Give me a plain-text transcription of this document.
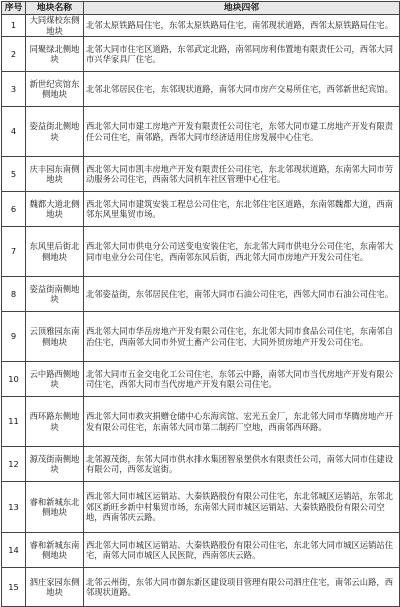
序号	地块名称	地块四邻
1	大同煤校东侧地块	北邻太原铁路局住宅，东邻太原铁路局住宅，南邻现状道路，西邻太原铁路局住宅。
2	同聚绿北侧地块	北邻大同市住宅区道路，东邻武定北路，南邻同房利伟置地有限责任公司，西邻大同市兴华家具厂住宅。
3	新世纪宾馆东侧地块	北邻北邻居民住宅，东邻现状道路，南邻大同市房产交易所住宅，西邻新世纪宾馆。
4	姿益街北侧地块	西北邻大同市建工房地产开发有限责任公司住宅，东邻大同市建工房地产开发有限责任公司住宅，南邻路，西邻大同市经济适用住房发展中心住宅。
5	庆丰园东南侧地块	西北邻大同市凯丰房地产开发有限责任公司住宅，东北邻现状道路，东南邻大同市劳动服务公司住宅，西南邻大同机车社区管理中心住宅。
6	魏都大道北侧地块	西北邻大同市建筑安装工程总公司住宅，东北邻住宅区道路，东南邻魏都大道，西南邻东风里集贸市场。
7	东风里后街北侧地块	西北邻大同市供电分公司送变电安装住宅，东北邻大同市供电分公司住宅，东南邻大同市电业分公司住宅，西南邻东风后街，西北邻大同市房地产开发公司住宅。
8	姿益街南侧地块	北邻姿益街，东邻居民住宅，南邻大同市石油公司住宅，西邻大同市石油公司住宅。
9	云顶雅园东南侧地块	西北邻大同市华岳房地产开发有限公司住宅，东北邻大同市食品公司住宅，东南邻自治住宅，西南邻大同市外贸土畜产公司住宅、大同外贸房地产开发公司住宅。
10	云中路西侧地块	北邻大同市五金交电化工公司住宅，东邻云中路，南邻大同市当代房地产开发有限公司住宅，西邻大同市当代房地产开发有限公司住宅。
11	西环路东侧地块	西北邻大同市救灾捐赠仓储中心东海宾馆、宏光五金厂，东北邻大同市华腾房地产开发有限公司住宅，东南邻大同市第二制药厂空地，西南邻西环路。
12	源茂街南侧地块	北邻源茂街，东邻大同市供水排水集团智泉堡供水有限责任公司，南邻大同市住建设有限公司，西邻友谊街。
13	睿和新城东北侧地块	西北邻大同市城区运销站、大秦铁路股份有限公司住宅，东北邻城区运销站，东邻北郊区新旺乡新中村集贸市场，东南邻大同市城区运销站、大秦铁路股份有限公司空地，西南邻庆云路。
14	睿和新城东南侧地块	西北邻大同市城区运销站、大秦铁路股份有限公司住宅，东北邻大同市城区运销站住宅，南邻大同市城区人民医院，西南邻庆云路。
15	泗庄家园东侧地块	北邻云州街，东邻大同市御东新区建设项目管理有限公司泗庄住宅，南邻云山路，西邻现状道路。
